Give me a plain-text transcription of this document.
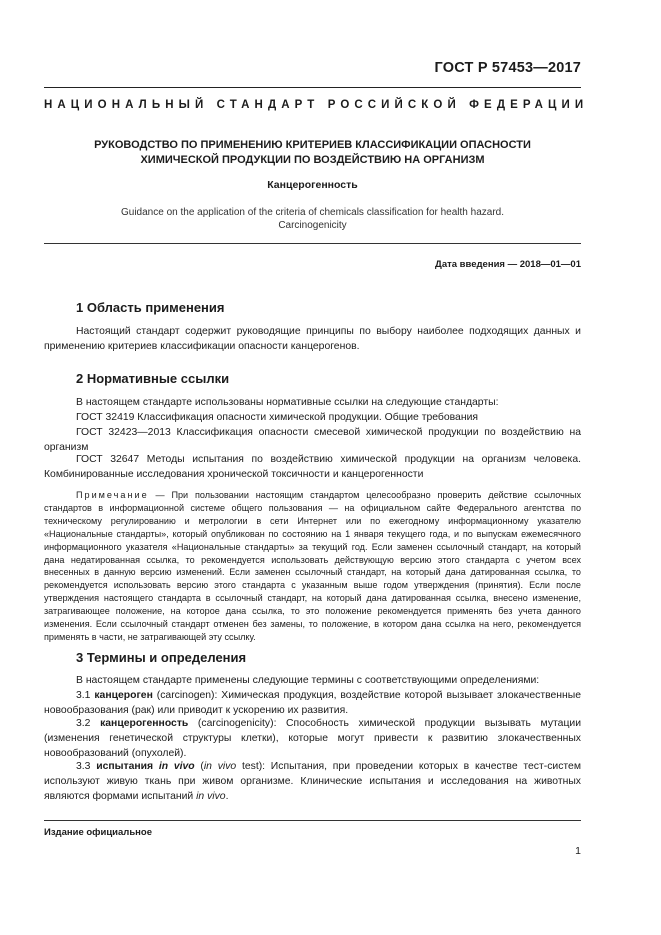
ГОСТ Р 57453—2017
НАЦИОНАЛЬНЫЙ СТАНДАРТ РОССИЙСКОЙ ФЕДЕРАЦИИ
РУКОВОДСТВО ПО ПРИМЕНЕНИЮ КРИТЕРИЕВ КЛАССИФИКАЦИИ ОПАСНОСТИ
ХИМИЧЕСКОЙ ПРОДУКЦИИ ПО ВОЗДЕЙСТВИЮ НА ОРГАНИЗМ
Канцерогенность
Guidance on the application of the criteria of chemicals classification for health hazard.
Carcinogenicity
Дата введения — 2018—01—01
1 Область применения
Настоящий стандарт содержит руководящие принципы по выбору наиболее подходящих данных и применению критериев классификации опасности канцерогенов.
2 Нормативные ссылки
В настоящем стандарте использованы нормативные ссылки на следующие стандарты:
ГОСТ 32419 Классификация опасности химической продукции. Общие требования
ГОСТ 32423—2013 Классификация опасности смесевой химической продукции по воздействию на организм
ГОСТ 32647 Методы испытания по воздействию химической продукции на организм человека. Комбинированные исследования хронической токсичности и канцерогенности
Примечание — При пользовании настоящим стандартом целесообразно проверить действие ссылочных стандартов в информационной системе общего пользования — на официальном сайте Федерального агентства по техническому регулированию и метрологии в сети Интернет или по ежегодному информационному указателю «Национальные стандарты», который опубликован по состоянию на 1 января текущего года, и по выпускам ежемесячного информационного указателя «Национальные стандарты» за текущий год. Если заменен ссылочный стандарт, на который дана недатированная ссылка, то рекомендуется использовать действующую версию этого стандарта с учетом всех внесенных в данную версию изменений. Если заменен ссылочный стандарт, на который дана датированная ссылка, то рекомендуется использовать версию этого стандарта с указанным выше годом утверждения (принятия). Если после утверждения настоящего стандарта в ссылочный стандарт, на который дана датированная ссылка, внесено изменение, затрагивающее положение, на которое дана ссылка, то это положение рекомендуется применять без учета данного изменения. Если ссылочный стандарт отменен без замены, то положение, в котором дана ссылка на него, рекомендуется применять в части, не затрагивающей эту ссылку.
3 Термины и определения
В настоящем стандарте применены следующие термины с соответствующими определениями:
3.1 канцероген (carcinogen): Химическая продукция, воздействие которой вызывает злокачественные новообразования (рак) или приводит к ускорению их развития.
3.2 канцерогенность (carcinogenicity): Способность химической продукции вызывать мутации (изменения генетической структуры клетки), которые могут привести к развитию злокачественных новообразований (опухолей).
3.3 испытания in vivo (in vivo test): Испытания, при проведении которых в качестве тест-систем используют живую ткань при живом организме. Клинические испытания и исследования на животных являются формами испытаний in vivo.
Издание официальное
1
